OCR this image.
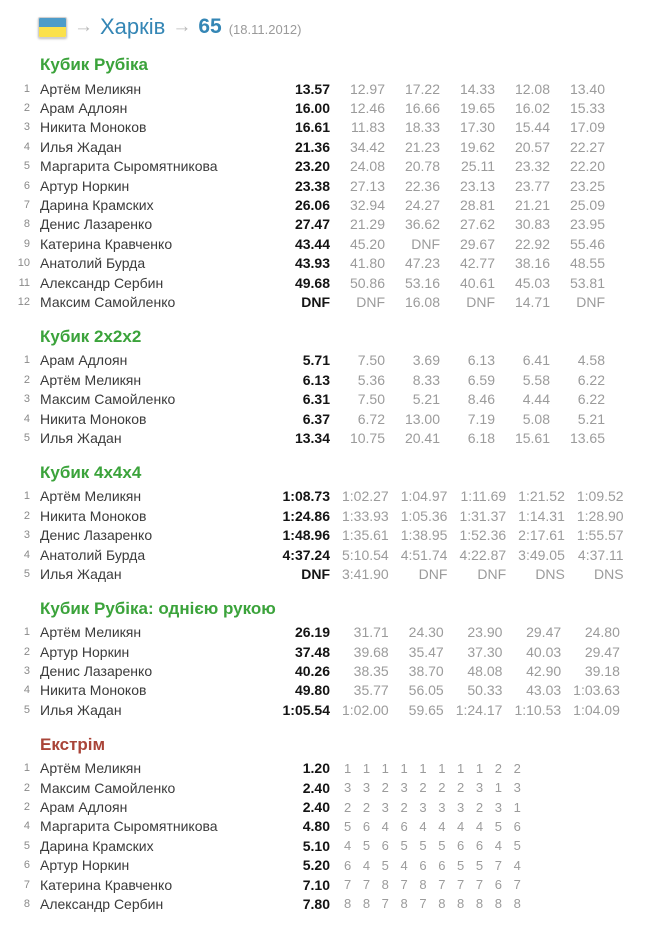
→ Харків → 65 (18.11.2012)
Кубик Рубіка
1	Артём Меликян	13.57	12.97	17.22	14.33	12.08	13.40
2	Арам Адлоян	16.00	12.46	16.66	19.65	16.02	15.33
3	Никита Моноков	16.61	11.83	18.33	17.30	15.44	17.09
4	Илья Жадан	21.36	34.42	21.23	19.62	20.57	22.27
5	Маргарита Сыромятникова	23.20	24.08	20.78	25.11	23.32	22.20
6	Артур Норкин	23.38	27.13	22.36	23.13	23.77	23.25
7	Дарина Крамских	26.06	32.94	24.27	28.81	21.21	25.09
8	Денис Лазаренко	27.47	21.29	36.62	27.62	30.83	23.95
9	Катерина Кравченко	43.44	45.20	DNF	29.67	22.92	55.46
10	Анатолий Бурда	43.93	41.80	47.23	42.77	38.16	48.55
11	Александр Сербин	49.68	50.86	53.16	40.61	45.03	53.81
12	Максим Самойленко	DNF	DNF	16.08	DNF	14.71	DNF
Кубик 2х2х2
1	Арам Адлоян	5.71	7.50	3.69	6.13	6.41	4.58
2	Артём Меликян	6.13	5.36	8.33	6.59	5.58	6.22
3	Максим Самойленко	6.31	7.50	5.21	8.46	4.44	6.22
4	Никита Моноков	6.37	6.72	13.00	7.19	5.08	5.21
5	Илья Жадан	13.34	10.75	20.41	6.18	15.61	13.65
Кубик 4х4х4
1	Артём Меликян	1:08.73	1:02.27	1:04.97	1:11.69	1:21.52	1:09.52
2	Никита Моноков	1:24.86	1:33.93	1:05.36	1:31.37	1:14.31	1:28.90
3	Денис Лазаренко	1:48.96	1:35.61	1:38.95	1:52.36	2:17.61	1:55.57
4	Анатолий Бурда	4:37.24	5:10.54	4:51.74	4:22.87	3:49.05	4:37.11
5	Илья Жадан	DNF	3:41.90	DNF	DNF	DNS	DNS
Кубик Рубіка: однією рукою
1	Артём Меликян	26.19	31.71	24.30	23.90	29.47	24.80
2	Артур Норкин	37.48	39.68	35.47	37.30	40.03	29.47
3	Денис Лазаренко	40.26	38.35	38.70	48.08	42.90	39.18
4	Никита Моноков	49.80	35.77	56.05	50.33	43.03	1:03.63
5	Илья Жадан	1:05.54	1:02.00	59.65	1:24.17	1:10.53	1:04.09
Екстрім
1	Артём Меликян	1.20	1 1 1 1 1 1 1 1 2 2
2	Максим Самойленко	2.40	3 3 2 3 2 2 2 3 1 3
2	Арам Адлоян	2.40	2 2 3 2 3 3 3 2 3 1
4	Маргарита Сыромятникова	4.80	5 6 4 6 4 4 4 4 5 6
5	Дарина Крамских	5.10	4 5 6 5 5 5 6 6 4 5
6	Артур Норкин	5.20	6 4 5 4 6 6 5 5 7 4
7	Катерина Кравченко	7.10	7 7 8 7 8 7 7 7 6 7
8	Александр Сербин	7.80	8 8 7 8 7 8 8 8 8 8
